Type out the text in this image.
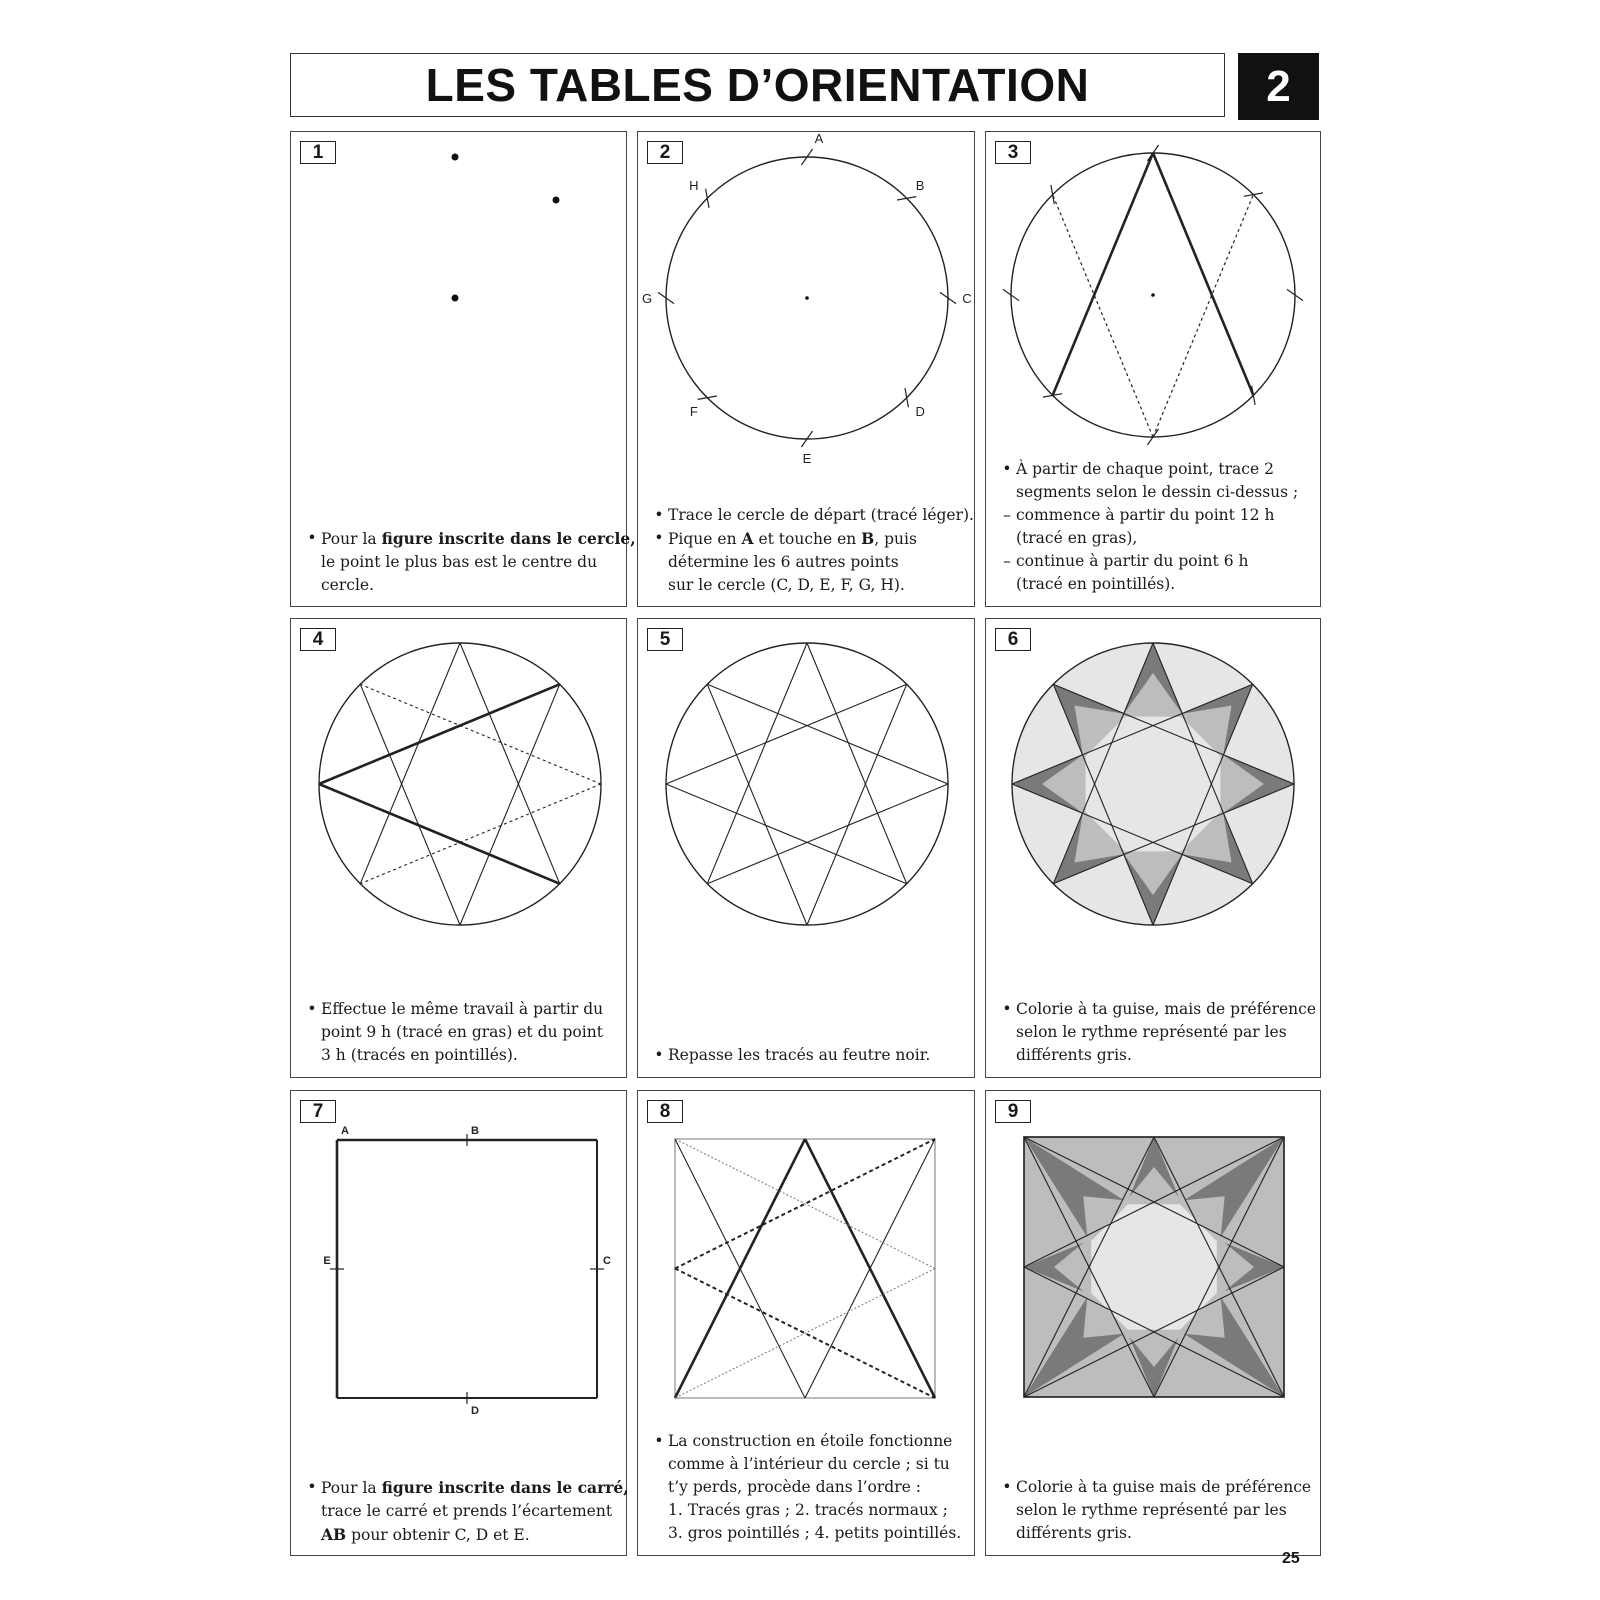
LES TABLES D’ORIENTATION	2
1
• Pour la figure inscrite dans le cercle,
le point le plus bas est le centre du
cercle.
2
A
B
C
D
E
F
G
H
• Trace le cercle de départ (tracé léger).
• Pique en A et touche en B, puis
détermine les 6 autres points
sur le cercle (C, D, E, F, G, H).
3
• À partir de chaque point, trace 2
segments selon le dessin ci-dessus ;
– commence à partir du point 12 h
(tracé en gras),
– continue à partir du point 6 h
(tracé en pointillés).
4
• Effectue le même travail à partir du
point 9 h (tracé en gras) et du point
3 h (tracés en pointillés).
5
• Repasse les tracés au feutre noir.
6
• Colorie à ta guise, mais de préférence
selon le rythme représenté par les
différents gris.
7
A	B
C
D
E
• Pour la figure inscrite dans le carré,
trace le carré et prends l’écartement
AB pour obtenir C, D et E.
8
• La construction en étoile fonctionne
comme à l’intérieur du cercle ; si tu
t’y perds, procède dans l’ordre :
1. Tracés gras ; 2. tracés normaux ;
3. gros pointillés ; 4. petits pointillés.
9
• Colorie à ta guise mais de préférence
selon le rythme représenté par les
différents gris.
25
